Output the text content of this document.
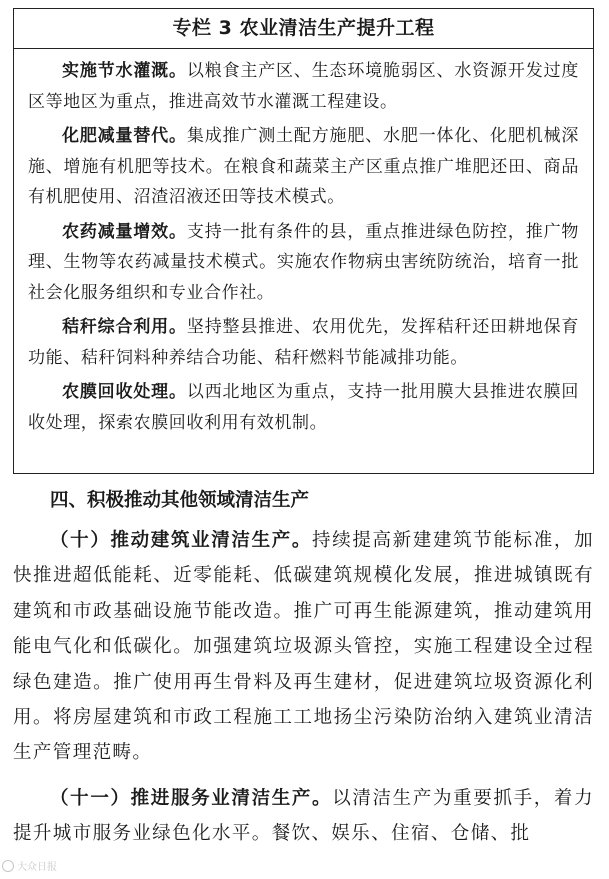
专栏 3 农业清洁生产提升工程

实施节水灌溉。以粮食主产区、生态环境脆弱区、水资源开发过度区等地区为重点，推进高效节水灌溉工程建设。

化肥减量替代。集成推广测土配方施肥、水肥一体化、化肥机械深施、增施有机肥等技术。在粮食和蔬菜主产区重点推广堆肥还田、商品有机肥使用、沼渣沼液还田等技术模式。

农药减量增效。支持一批有条件的县，重点推进绿色防控，推广物理、生物等农药减量技术模式。实施农作物病虫害统防统治，培育一批社会化服务组织和专业合作社。

秸秆综合利用。坚持整县推进、农用优先，发挥秸秆还田耕地保育功能、秸秆饲料种养结合功能、秸秆燃料节能减排功能。

农膜回收处理。以西北地区为重点，支持一批用膜大县推进农膜回收处理，探索农膜回收利用有效机制。

四、积极推动其他领域清洁生产

（十）推动建筑业清洁生产。持续提高新建建筑节能标准，加快推进超低能耗、近零能耗、低碳建筑规模化发展，推进城镇既有建筑和市政基础设施节能改造。推广可再生能源建筑，推动建筑用能电气化和低碳化。加强建筑垃圾源头管控，实施工程建设全过程绿色建造。推广使用再生骨料及再生建材，促进建筑垃圾资源化利用。将房屋建筑和市政工程施工工地扬尘污染防治纳入建筑业清洁生产管理范畴。

（十一）推进服务业清洁生产。以清洁生产为重要抓手，着力提升城市服务业绿色化水平。餐饮、娱乐、住宿、仓储、批

大众日报
